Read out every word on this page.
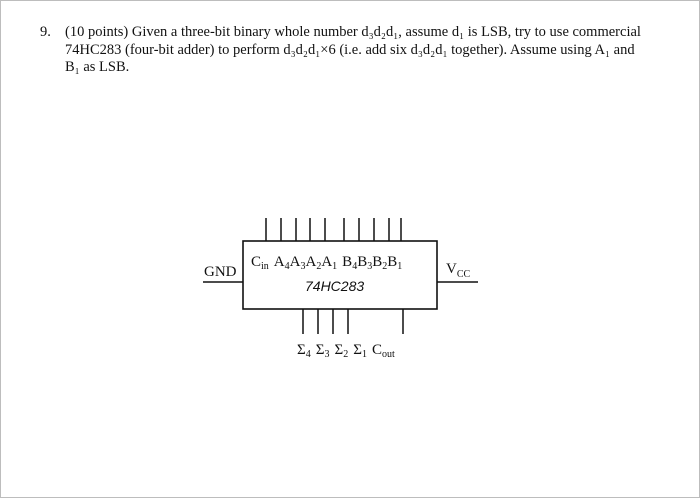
9. (10 points) Given a three-bit binary whole number d₃d₂d₁, assume d₁ is LSB, try to use commercial
74HC283 (four-bit adder) to perform d₃d₂d₁×6 (i.e. add six d₃d₂d₁ together). Assume using A₁ and
B₁ as LSB.
GND	$V_{CC}$
$C_{in}$ $A_4A_3A_2A_1$ $B_4B_3B_2B_1$
74HC283
$\Sigma_4$ $\Sigma_3$ $\Sigma_2$ $\Sigma_1$ $C_{out}$
